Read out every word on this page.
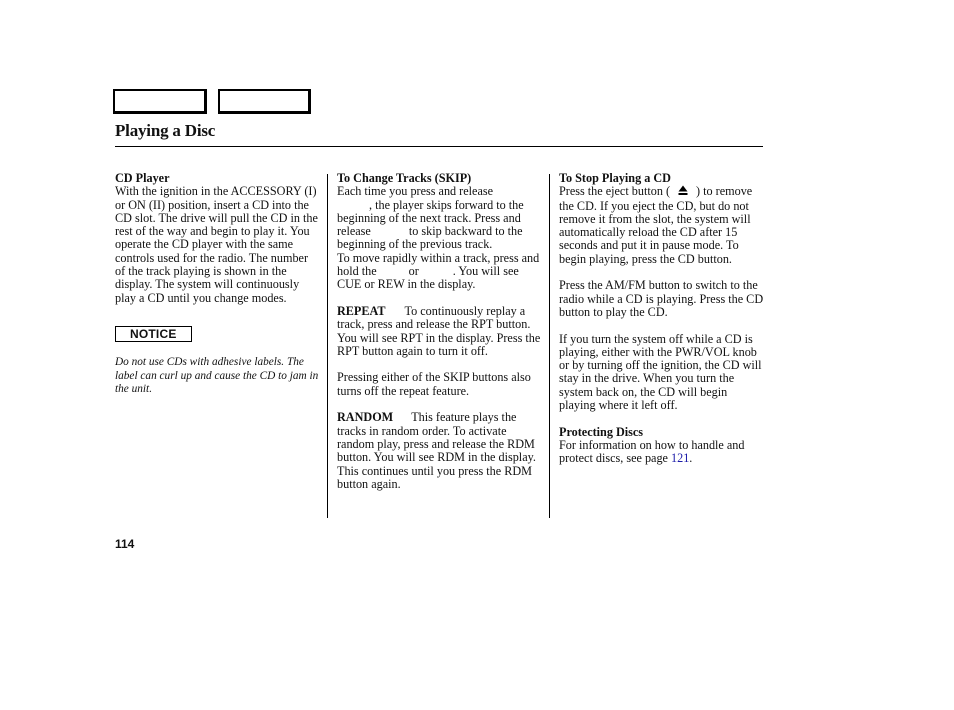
Playing a Disc

CD Player

With the ignition in the ACCESSORY (I) or ON (II) position, insert a CD into the CD slot. The drive will pull the CD in the rest of the way and begin to play it. You operate the CD player with the same controls used for the radio. The number of the track playing is shown in the display. The system will continuously play a CD until you change modes.

NOTICE

Do not use CDs with adhesive labels. The label can curl up and cause the CD to jam in the unit.

To Change Tracks (SKIP)

Each time you press and release
, the player skips forward to the beginning of the next track. Press and release	to skip backward to the beginning of the previous track.

To move rapidly within a track, press and hold the	or	. You will see CUE or REW in the display.

REPEAT To continuously replay a track, press and release the RPT button. You will see RPT in the display. Press the RPT button again to turn it off.

Pressing either of the SKIP buttons also turns off the repeat feature.

RANDOM This feature plays the tracks in random order. To activate random play, press and release the RDM button. You will see RDM in the display. This continues until you press the RDM button again.

To Stop Playing a CD

Press the eject button ( ) to remove the CD. If you eject the CD, but do not remove it from the slot, the system will automatically reload the CD after 15 seconds and put it in pause mode. To begin playing, press the CD button.

Press the AM/FM button to switch to the radio while a CD is playing. Press the CD button to play the CD.

If you turn the system off while a CD is playing, either with the PWR/VOL knob or by turning off the ignition, the CD will stay in the drive. When you turn the system back on, the CD will begin playing where it left off.

Protecting Discs

For information on how to handle and protect discs, see page 121.

114
